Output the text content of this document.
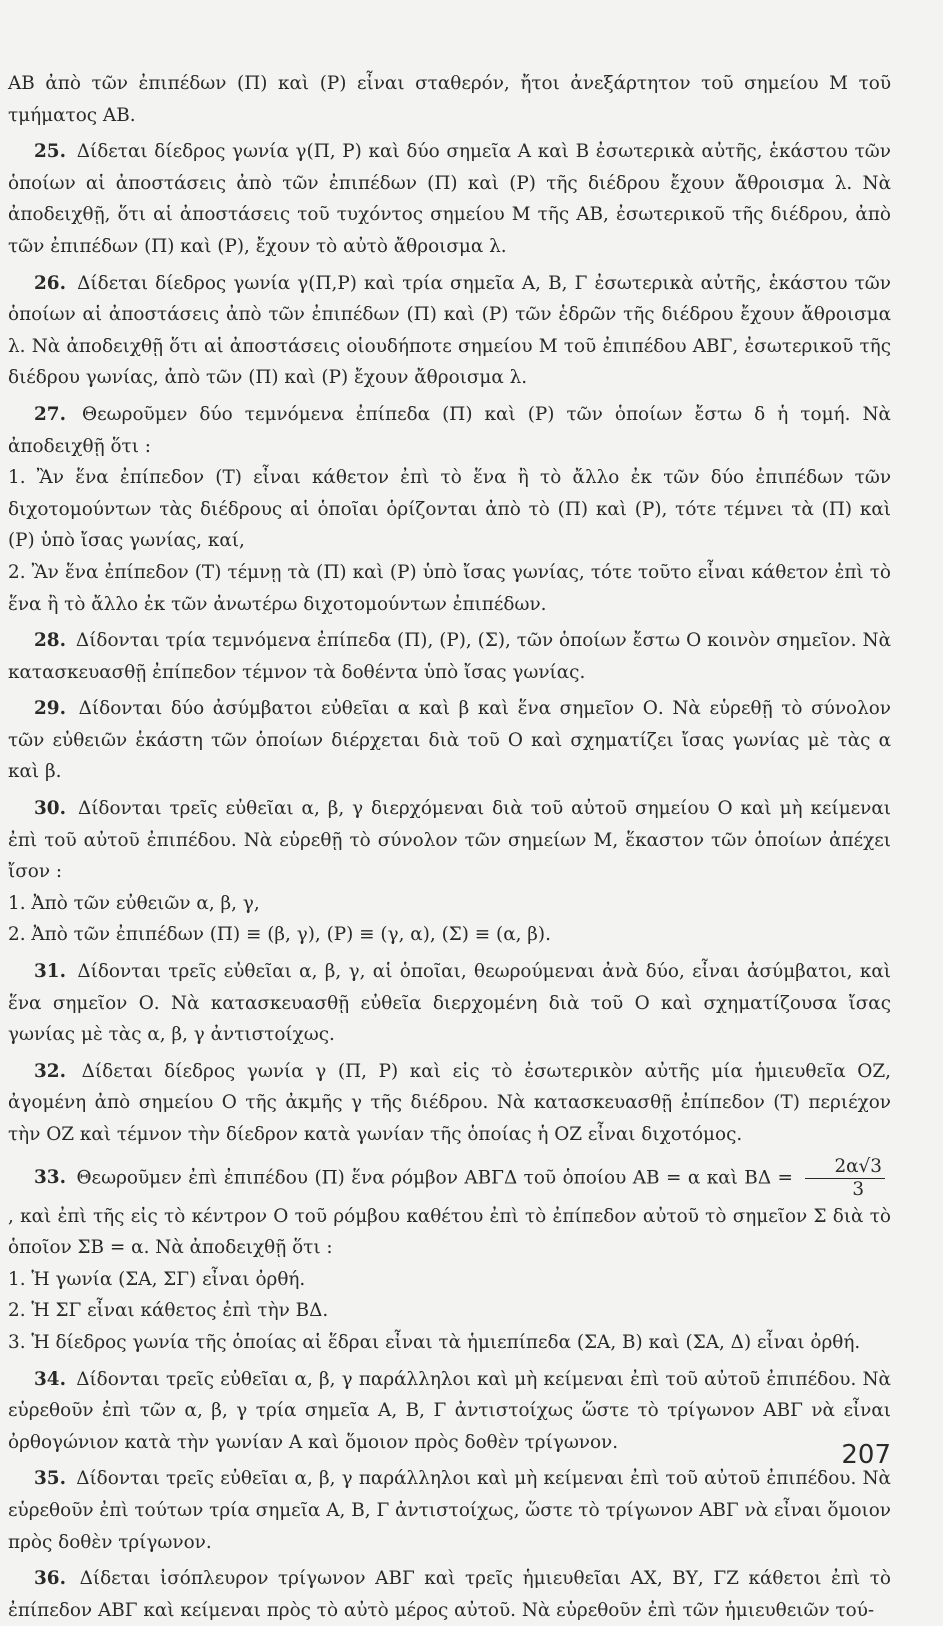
ΑΒ ἀπὸ τῶν ἐπιπέδων (Π) καὶ (Ρ) εἶναι σταθερόν, ἤτοι ἀνεξάρτητον τοῦ σημείου Μ τοῦ τμήματος ΑΒ.

25. Δίδεται δίεδρος γωνία γ(Π, Ρ) καὶ δύο σημεῖα Α καὶ Β ἐσωτερικὰ αὐτῆς, ἑκάστου τῶν ὁποίων αἱ ἀποστάσεις ἀπὸ τῶν ἐπιπέδων (Π) καὶ (Ρ) τῆς διέδρου ἔχουν ἄθροισμα λ. Νὰ ἀποδειχθῇ, ὅτι αἱ ἀποστάσεις τοῦ τυχόντος σημείου Μ τῆς ΑΒ, ἐσωτερικοῦ τῆς διέδρου, ἀπὸ τῶν ἐπιπέδων (Π) καὶ (Ρ), ἔχουν τὸ αὐτὸ ἄθροισμα λ.

26. Δίδεται δίεδρος γωνία γ(Π,Ρ) καὶ τρία σημεῖα Α, Β, Γ ἐσωτερικὰ αὐτῆς, ἑκάστου τῶν ὁποίων αἱ ἀποστάσεις ἀπὸ τῶν ἐπιπέδων (Π) καὶ (Ρ) τῶν ἑδρῶν τῆς διέδρου ἔχουν ἄθροισμα λ. Νὰ ἀποδειχθῇ ὅτι αἱ ἀποστάσεις οἱουδήποτε σημείου Μ τοῦ ἐπιπέδου ΑΒΓ, ἐσωτερικοῦ τῆς διέδρου γωνίας, ἀπὸ τῶν (Π) καὶ (Ρ) ἔχουν ἄθροισμα λ.

27. Θεωροῦμεν δύο τεμνόμενα ἐπίπεδα (Π) καὶ (Ρ) τῶν ὁποίων ἔστω δ ἡ τομή. Νὰ ἀποδειχθῇ ὅτι :
1. Ἂν ἕνα ἐπίπεδον (Τ) εἶναι κάθετον ἐπὶ τὸ ἕνα ἢ τὸ ἄλλο ἐκ τῶν δύο ἐπιπέδων τῶν διχοτομούντων τὰς διέδρους αἱ ὁποῖαι ὁρίζονται ἀπὸ τὸ (Π) καὶ (Ρ), τότε τέμνει τὰ (Π) καὶ (Ρ) ὑπὸ ἴσας γωνίας, καί,
2. Ἂν ἕνα ἐπίπεδον (Τ) τέμνῃ τὰ (Π) καὶ (Ρ) ὑπὸ ἴσας γωνίας, τότε τοῦτο εἶναι κάθετον ἐπὶ τὸ ἕνα ἢ τὸ ἄλλο ἐκ τῶν ἀνωτέρω διχοτομούντων ἐπιπέδων.

28. Δίδονται τρία τεμνόμενα ἐπίπεδα (Π), (Ρ), (Σ), τῶν ὁποίων ἔστω Ο κοινὸν σημεῖον. Νὰ κατασκευασθῇ ἐπίπεδον τέμνον τὰ δοθέντα ὑπὸ ἴσας γωνίας.

29. Δίδονται δύο ἀσύμβατοι εὐθεῖαι α καὶ β καὶ ἕνα σημεῖον Ο. Νὰ εὑρεθῇ τὸ σύνολον τῶν εὐθειῶν ἑκάστη τῶν ὁποίων διέρχεται διὰ τοῦ Ο καὶ σχηματίζει ἴσας γωνίας μὲ τὰς α καὶ β.

30. Δίδονται τρεῖς εὐθεῖαι α, β, γ διερχόμεναι διὰ τοῦ αὐτοῦ σημείου Ο καὶ μὴ κείμεναι ἐπὶ τοῦ αὐτοῦ ἐπιπέδου. Νὰ εὑρεθῇ τὸ σύνολον τῶν σημείων Μ, ἕκαστον τῶν ὁποίων ἀπέχει ἴσον :
1. Ἀπὸ τῶν εὐθειῶν α, β, γ,
2. Ἀπὸ τῶν ἐπιπέδων (Π) ≡ (β, γ), (Ρ) ≡ (γ, α), (Σ) ≡ (α, β).

31. Δίδονται τρεῖς εὐθεῖαι α, β, γ, αἱ ὁποῖαι, θεωρούμεναι ἀνὰ δύο, εἶναι ἀσύμβατοι, καὶ ἕνα σημεῖον Ο. Νὰ κατασκευασθῇ εὐθεῖα διερχομένη διὰ τοῦ Ο καὶ σχηματίζουσα ἴσας γωνίας μὲ τὰς α, β, γ ἀντιστοίχως.

32. Δίδεται δίεδρος γωνία γ (Π, Ρ) καὶ εἰς τὸ ἐσωτερικὸν αὐτῆς μία ἡμιευθεῖα ΟΖ, ἀγομένη ἀπὸ σημείου Ο τῆς ἀκμῆς γ τῆς διέδρου. Νὰ κατασκευασθῇ ἐπίπεδον (Τ) περιέχον τὴν ΟΖ καὶ τέμνον τὴν δίεδρον κατὰ γωνίαν τῆς ὁποίας ἡ ΟΖ εἶναι διχοτόμος.

33. Θεωροῦμεν ἐπὶ ἐπιπέδου (Π) ἕνα ρόμβον ΑΒΓΔ τοῦ ὁποίου ΑΒ = α καὶ $B\Delta = \frac{2\alpha√3}{3}$
, καὶ ἐπὶ τῆς εἰς τὸ κέντρον Ο τοῦ ρόμβου καθέτου ἐπὶ τὸ ἐπίπεδον αὐτοῦ τὸ σημεῖον Σ διὰ τὸ ὁποῖον ΣΒ = α. Νὰ ἀποδειχθῇ ὅτι :
1. Ἡ γωνία (ΣΑ, ΣΓ) εἶναι ὀρθή.
2. Ἡ ΣΓ εἶναι κάθετος ἐπὶ τὴν ΒΔ.
3. Ἡ δίεδρος γωνία τῆς ὁποίας αἱ ἕδραι εἶναι τὰ ἡμιεπίπεδα (ΣΑ, Β) καὶ (ΣΑ, Δ) εἶναι ὀρθή.

34. Δίδονται τρεῖς εὐθεῖαι α, β, γ παράλληλοι καὶ μὴ κείμεναι ἐπὶ τοῦ αὐτοῦ ἐπιπέδου. Νὰ εὑρεθοῦν ἐπὶ τῶν α, β, γ τρία σημεῖα Α, Β, Γ ἀντιστοίχως ὥστε τὸ τρίγωνον ΑΒΓ νὰ εἶναι ὀρθογώνιον κατὰ τὴν γωνίαν Α καὶ ὅμοιον πρὸς δοθὲν τρίγωνον.

35. Δίδονται τρεῖς εὐθεῖαι α, β, γ παράλληλοι καὶ μὴ κείμεναι ἐπὶ τοῦ αὐτοῦ ἐπιπέδου. Νὰ εὑρεθοῦν ἐπὶ τούτων τρία σημεῖα Α, Β, Γ ἀντιστοίχως, ὥστε τὸ τρίγωνον ΑΒΓ νὰ εἶναι ὅμοιον πρὸς δοθὲν τρίγωνον.

36. Δίδεται ἰσόπλευρον τρίγωνον ΑΒΓ καὶ τρεῖς ἡμιευθεῖαι ΑΧ, ΒΥ, ΓΖ κάθετοι ἐπὶ τὸ ἐπίπεδον ΑΒΓ καὶ κείμεναι πρὸς τὸ αὐτὸ μέρος αὐτοῦ. Νὰ εὑρεθοῦν ἐπὶ τῶν ἡμιευθειῶν τού-

207
